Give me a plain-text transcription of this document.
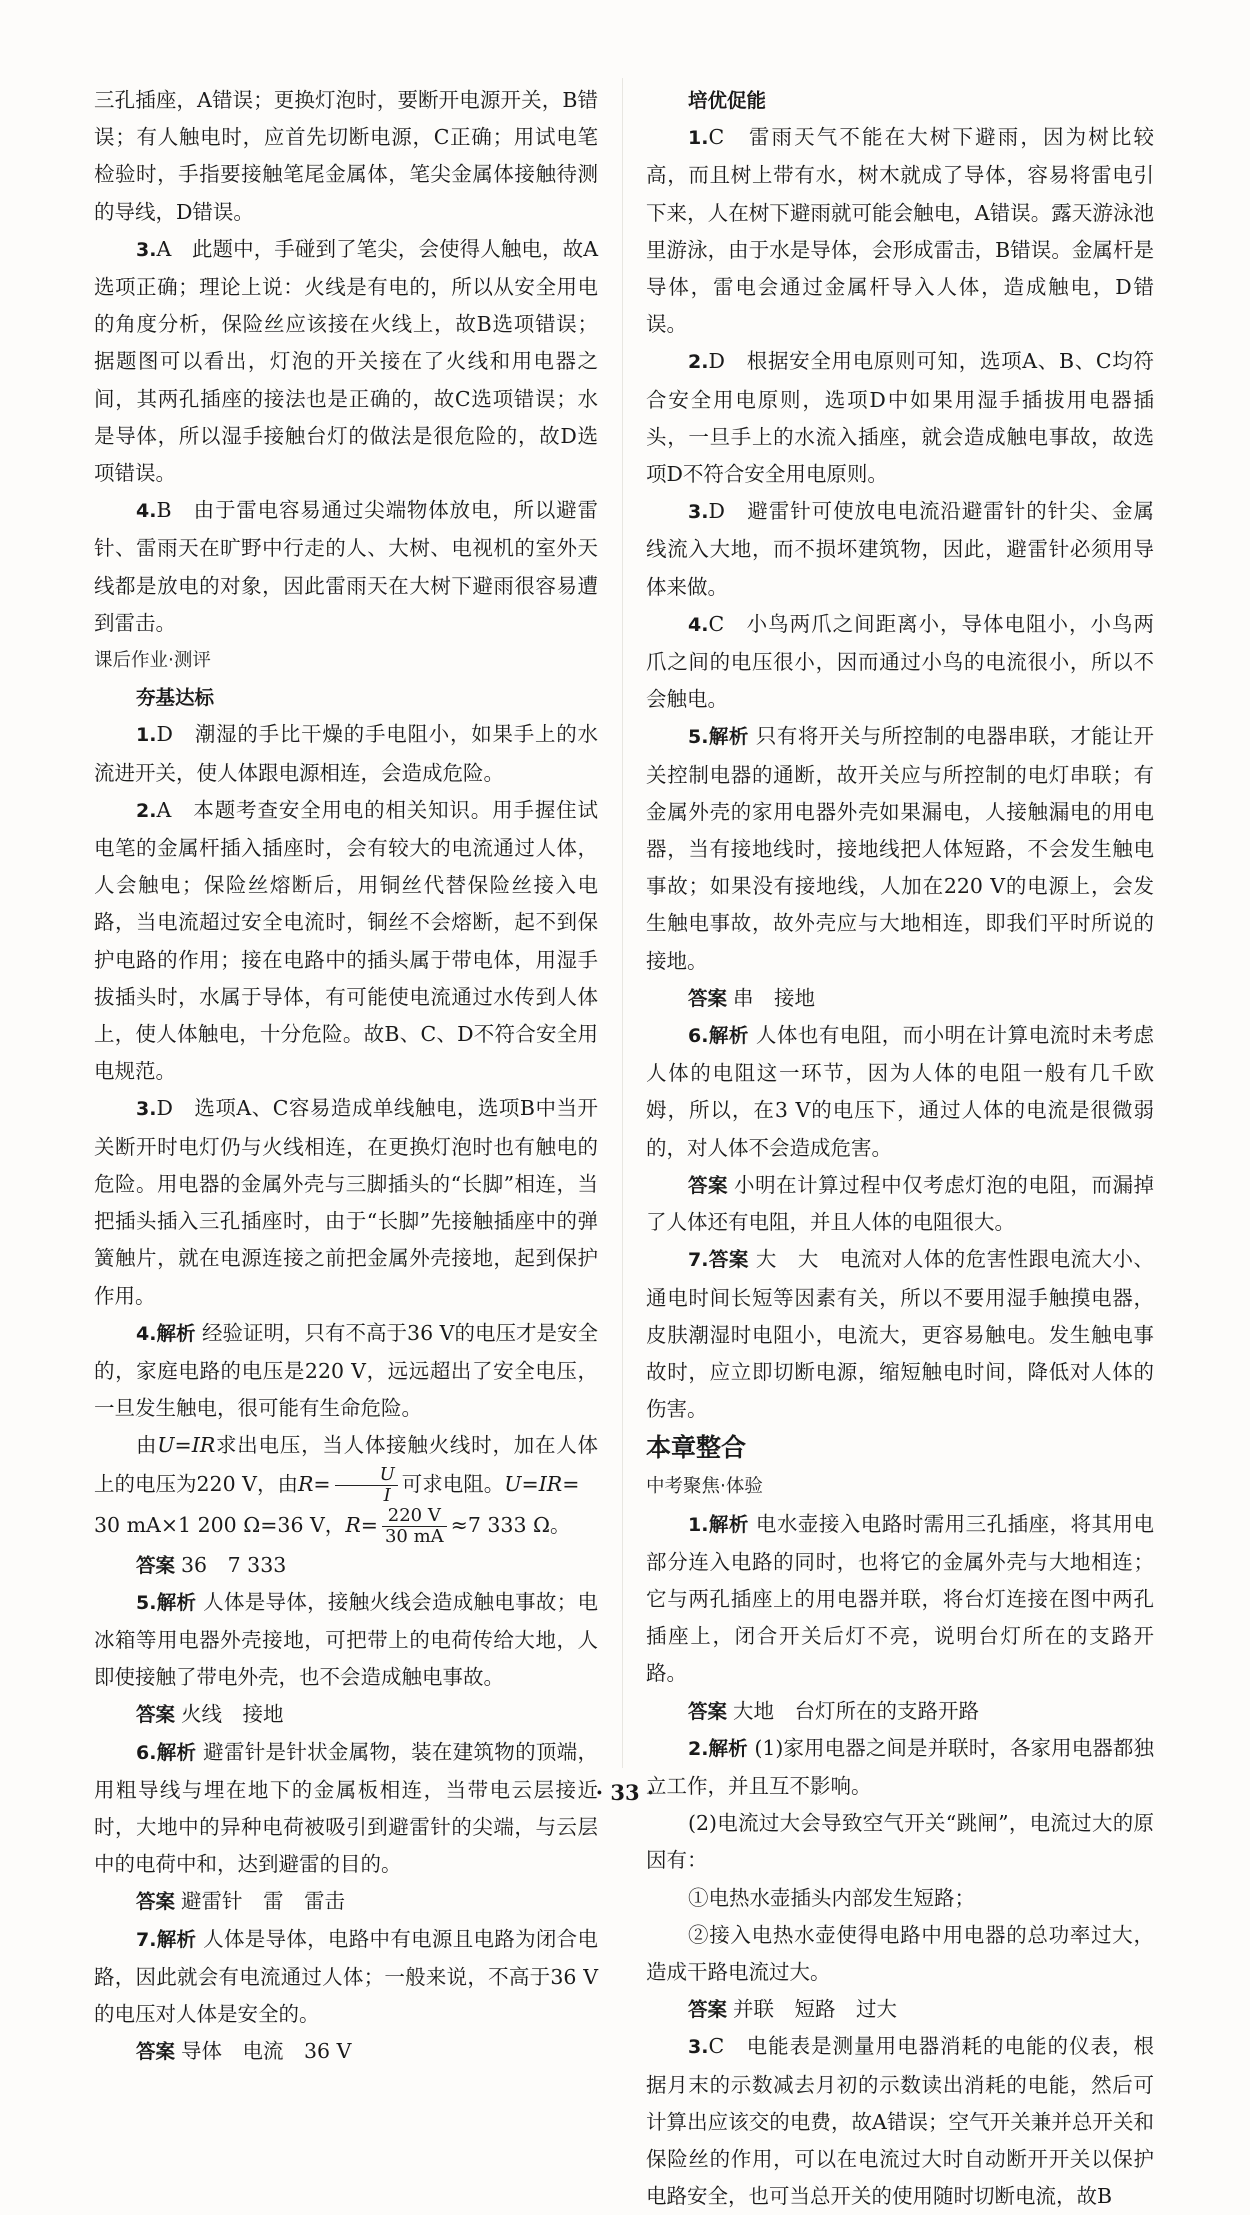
三孔插座，A错误；更换灯泡时，要断开电源开关，B错误；有人触电时，应首先切断电源，C正确；用试电笔检验时，手指要接触笔尾金属体，笔尖金属体接触待测的导线，D错误。

3.A　此题中，手碰到了笔尖，会使得人触电，故A选项正确；理论上说：火线是有电的，所以从安全用电的角度分析，保险丝应该接在火线上，故B选项错误；据题图可以看出，灯泡的开关接在了火线和用电器之间，其两孔插座的接法也是正确的，故C选项错误；水是导体，所以湿手接触台灯的做法是很危险的，故D选项错误。

4.B　由于雷电容易通过尖端物体放电，所以避雷针、雷雨天在旷野中行走的人、大树、电视机的室外天线都是放电的对象，因此雷雨天在大树下避雨很容易遭到雷击。

课后作业·测评

夯基达标

1.D　潮湿的手比干燥的手电阻小，如果手上的水流进开关，使人体跟电源相连，会造成危险。

2.A　本题考查安全用电的相关知识。用手握住试电笔的金属杆插入插座时，会有较大的电流通过人体，人会触电；保险丝熔断后，用铜丝代替保险丝接入电路，当电流超过安全电流时，铜丝不会熔断，起不到保护电路的作用；接在电路中的插头属于带电体，用湿手拔插头时，水属于导体，有可能使电流通过水传到人体上，使人体触电，十分危险。故B、C、D不符合安全用电规范。

3.D　选项A、C容易造成单线触电，选项B中当开关断开时电灯仍与火线相连，在更换灯泡时也有触电的危险。用电器的金属外壳与三脚插头的“长脚”相连，当把插头插入三孔插座时，由于“长脚”先接触插座中的弹簧触片，就在电源连接之前把金属外壳接地，起到保护作用。

4.解析 经验证明，只有不高于36 V的电压才是安全的，家庭电路的电压是220 V，远远超出了安全电压，一旦发生触电，很可能有生命危险。

由U=IR求出电压，当人体接触火线时，加在人体上的电压为220 V，由$R= \frac{U}{I}$ 可求电阻。U=IR=

30 mA×1 200 Ω=36 V，$R= \frac{220 V}{30 mA} \approx 7$ 333 Ω。

答案 36　7 333

5.解析 人体是导体，接触火线会造成触电事故；电冰箱等用电器外壳接地，可把带上的电荷传给大地，人即使接触了带电外壳，也不会造成触电事故。

答案 火线　接地

6.解析 避雷针是针状金属物，装在建筑物的顶端，用粗导线与埋在地下的金属板相连，当带电云层接近时，大地中的异种电荷被吸引到避雷针的尖端，与云层中的电荷中和，达到避雷的目的。

答案 避雷针　雷　雷击

7.解析 人体是导体，电路中有电源且电路为闭合电路，因此就会有电流通过人体；一般来说，不高于36 V的电压对人体是安全的。

答案 导体　电流　36 V

培优促能

1.C　雷雨天气不能在大树下避雨，因为树比较高，而且树上带有水，树木就成了导体，容易将雷电引下来，人在树下避雨就可能会触电，A错误。露天游泳池里游泳，由于水是导体，会形成雷击，B错误。金属杆是导体，雷电会通过金属杆导入人体，造成触电，D错误。

2.D　根据安全用电原则可知，选项A、B、C均符合安全用电原则，选项D中如果用湿手插拔用电器插头，一旦手上的水流入插座，就会造成触电事故，故选项D不符合安全用电原则。

3.D　避雷针可使放电电流沿避雷针的针尖、金属线流入大地，而不损坏建筑物，因此，避雷针必须用导体来做。

4.C　小鸟两爪之间距离小，导体电阻小，小鸟两爪之间的电压很小，因而通过小鸟的电流很小，所以不会触电。

5.解析 只有将开关与所控制的电器串联，才能让开关控制电器的通断，故开关应与所控制的电灯串联；有金属外壳的家用电器外壳如果漏电，人接触漏电的用电器，当有接地线时，接地线把人体短路，不会发生触电事故；如果没有接地线，人加在220 V的电源上，会发生触电事故，故外壳应与大地相连，即我们平时所说的接地。

答案 串　接地

6.解析 人体也有电阻，而小明在计算电流时未考虑人体的电阻这一环节，因为人体的电阻一般有几千欧姆，所以，在3 V的电压下，通过人体的电流是很微弱的，对人体不会造成危害。

答案 小明在计算过程中仅考虑灯泡的电阻，而漏掉了人体还有电阻，并且人体的电阻很大。

7.答案 大　大　 电流对人体的危害性跟电流大小、通电时间长短等因素有关，所以不要用湿手触摸电器，皮肤潮湿时电阻小，电流大，更容易触电。发生触电事故时，应立即切断电源，缩短触电时间，降低对人体的伤害。

本章整合

中考聚焦·体验

1.解析 电水壶接入电路时需用三孔插座，将其用电部分连入电路的同时，也将它的金属外壳与大地相连；它与两孔插座上的用电器并联，将台灯连接在图中两孔插座上，闭合开关后灯不亮，说明台灯所在的支路开路。

答案 大地　台灯所在的支路开路

2.解析 (1)家用电器之间是并联时，各家用电器都独立工作，并且互不影响。

(2)电流过大会导致空气开关“跳闸”，电流过大的原因有：

①电热水壶插头内部发生短路；

②接入电热水壶使得电路中用电器的总功率过大，造成干路电流过大。

答案 并联　短路　过大

3.C　电能表是测量用电器消耗的电能的仪表，根据月末的示数减去月初的示数读出消耗的电能，然后可计算出应该交的电费，故A错误；空气开关兼并总开关和保险丝的作用，可以在电流过大时自动断开开关以保护电路安全，也可当总开关的使用随时切断电流，故B

· 33 ·
